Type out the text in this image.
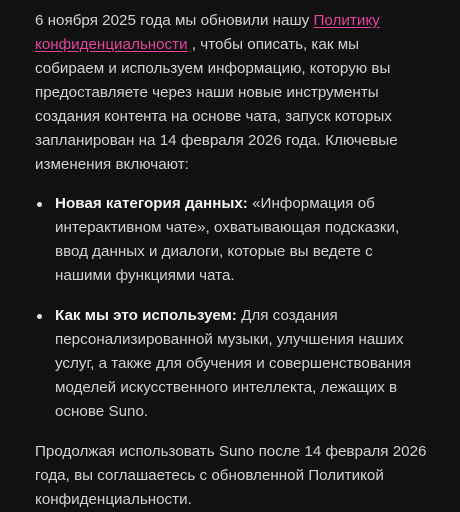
6 ноября 2025 года мы обновили нашу Политику конфиденциальности , чтобы описать, как мы собираем и используем информацию, которую вы предоставляете через наши новые инструменты создания контента на основе чата, запуск которых запланирован на 14 февраля 2026 года. Ключевые изменения включают:

Новая категория данных: «Информация об интерактивном чате», охватывающая подсказки, ввод данных и диалоги, которые вы ведете с нашими функциями чата.
Как мы это используем: Для создания персонализированной музыки, улучшения наших услуг, а также для обучения и совершенствования моделей искусственного интеллекта, лежащих в основе Suno.

Продолжая использовать Suno после 14 февраля 2026 года, вы соглашаетесь с обновленной Политикой конфиденциальности.
